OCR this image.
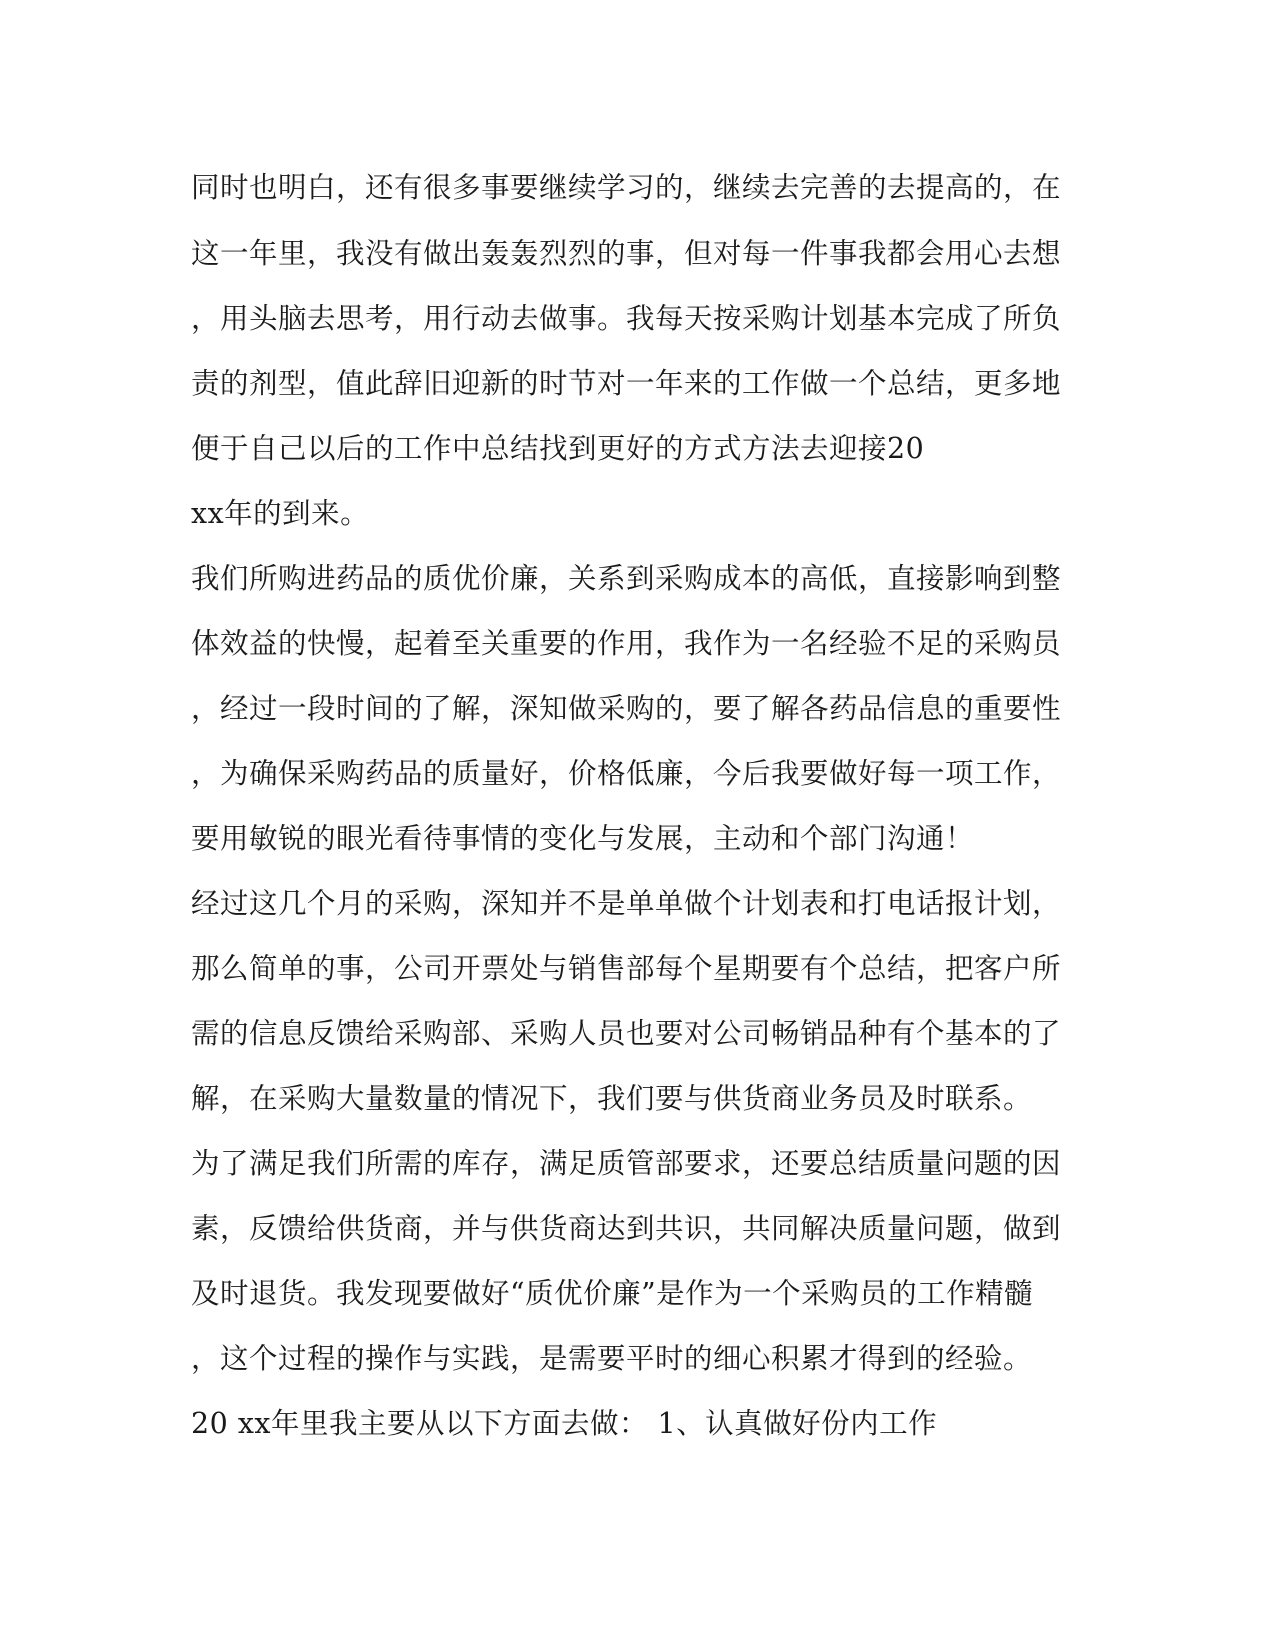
同时也明白，还有很多事要继续学习的，继续去完善的去提高的，在
这一年里，我没有做出轰轰烈烈的事，但对每一件事我都会用心去想
，用头脑去思考，用行动去做事。我每天按采购计划基本完成了所负
责的剂型，值此辞旧迎新的时节对一年来的工作做一个总结，更多地
便于自己以后的工作中总结找到更好的方式方法去迎接20
xx年的到来。
我们所购进药品的质优价廉，关系到采购成本的高低，直接影响到整
体效益的快慢，起着至关重要的作用，我作为一名经验不足的采购员
，经过一段时间的了解，深知做采购的，要了解各药品信息的重要性
，为确保采购药品的质量好，价格低廉，今后我要做好每一项工作，
要用敏锐的眼光看待事情的变化与发展，主动和个部门沟通！
经过这几个月的采购，深知并不是单单做个计划表和打电话报计划，
那么简单的事，公司开票处与销售部每个星期要有个总结，把客户所
需的信息反馈给采购部、采购人员也要对公司畅销品种有个基本的了
解，在采购大量数量的情况下，我们要与供货商业务员及时联系。
为了满足我们所需的库存，满足质管部要求，还要总结质量问题的因
素，反馈给供货商，并与供货商达到共识，共同解决质量问题，做到
及时退货。我发现要做好“质优价廉”是作为一个采购员的工作精髓
，这个过程的操作与实践，是需要平时的细心积累才得到的经验。
20 xx年里我主要从以下方面去做： 1、认真做好份内工作
